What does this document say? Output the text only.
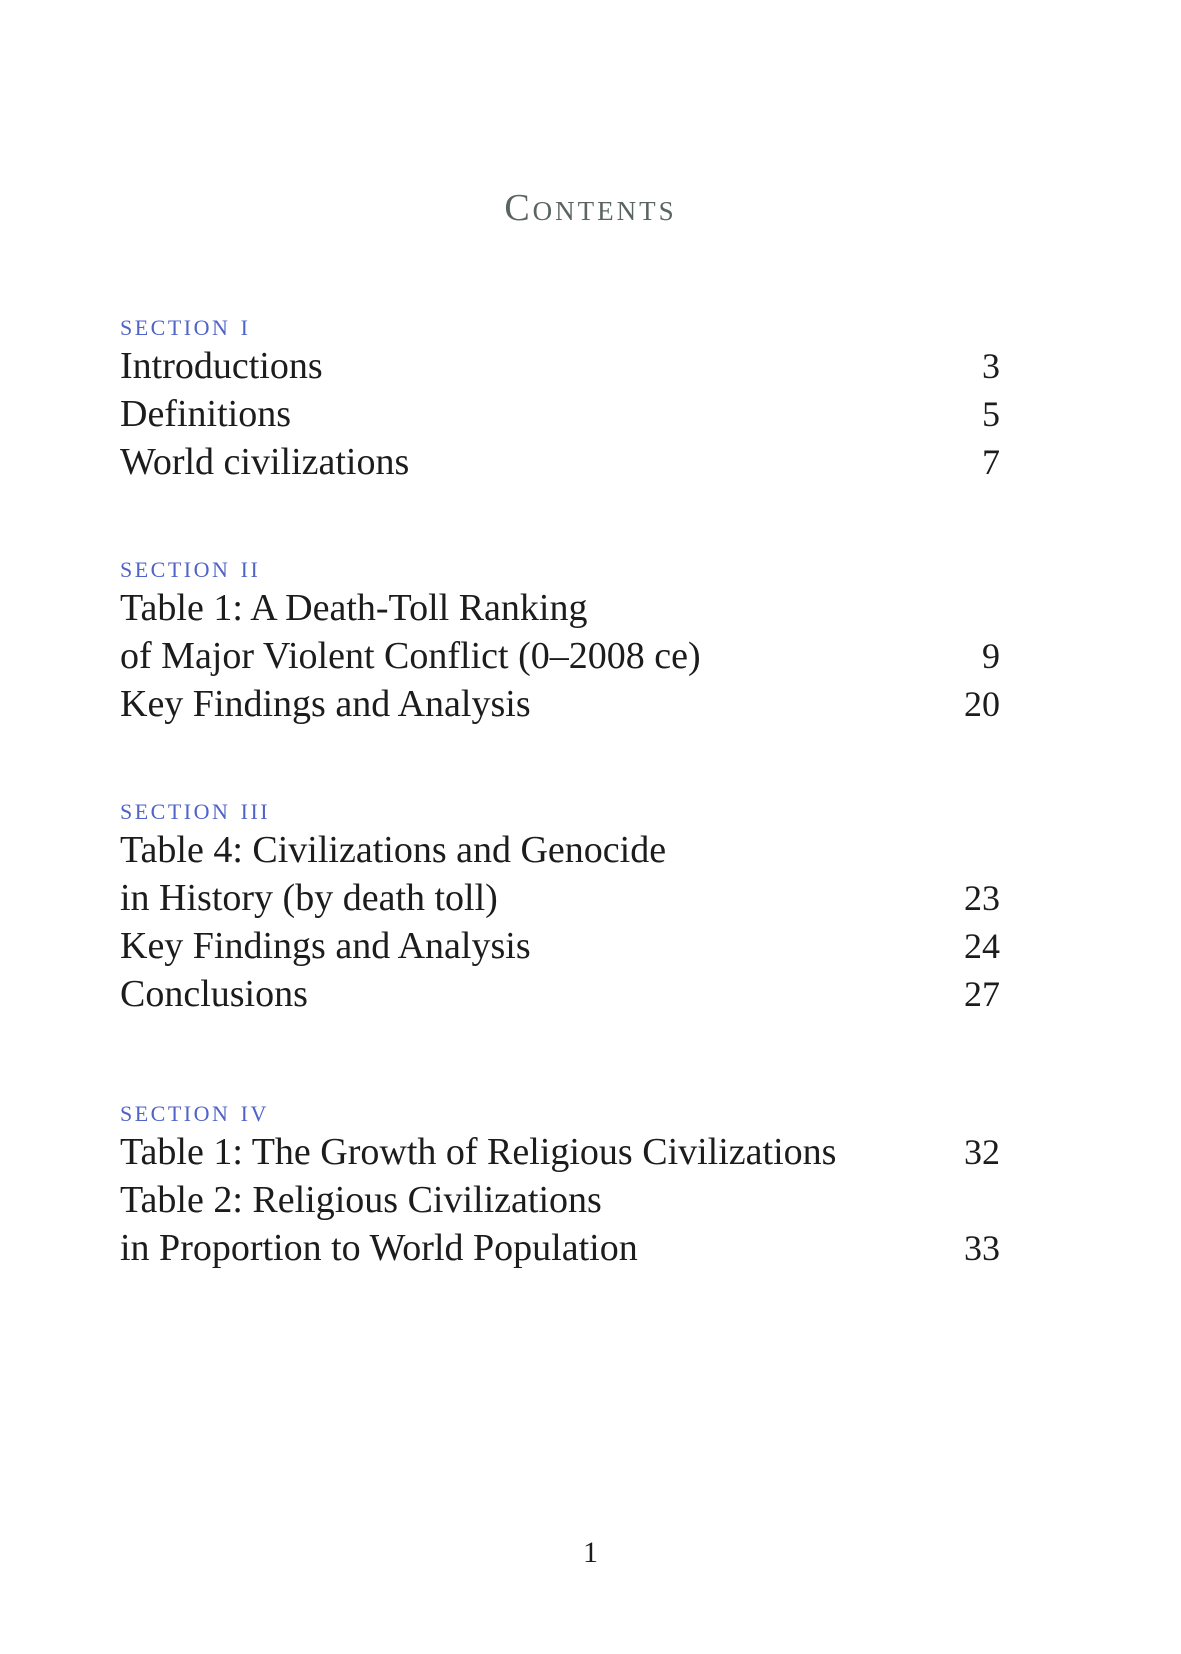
Contents
section i
Introductions	3
Definitions	5
World civilizations	7
section ii
Table 1: A Death-Toll Ranking
of Major Violent Conflict (0–2008 ce)	9
Key Findings and Analysis	20
section iii
Table 4: Civilizations and Genocide
in History (by death toll)	23
Key Findings and Analysis	24
Conclusions	27
section iv
Table 1: The Growth of Religious Civilizations	32
Table 2: Religious Civilizations
in Proportion to World Population	33
1
